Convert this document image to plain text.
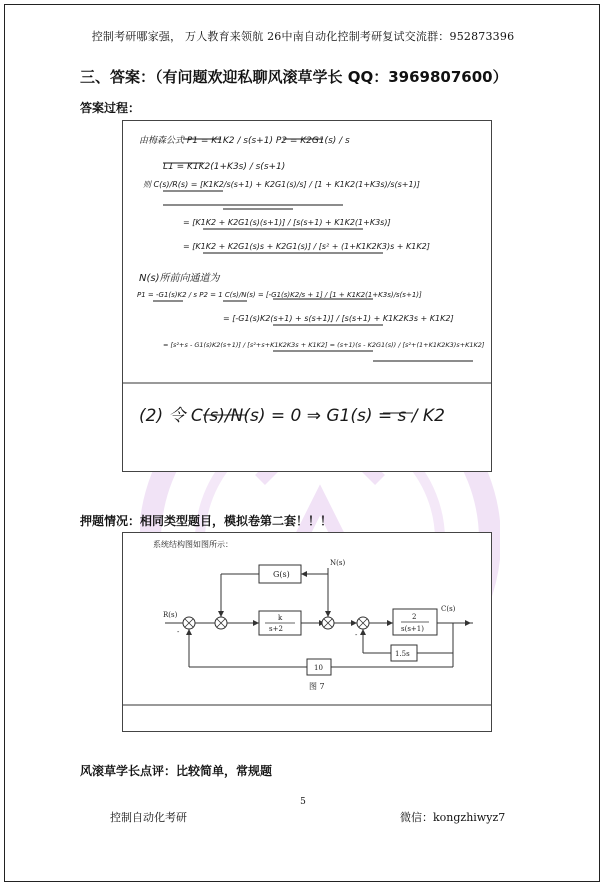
控制考研哪家强， 万人教育来领航 26中南自动化控制考研复试交流群：952873396
三、答案：（有问题欢迎私聊风滚草学长 QQ：3969807600）
答案过程：
由梅森公式 P1 = K1K2 / s(s+1) P2 = K2G1(s) / s
L1 = K1K2(1+K3s) / s(s+1)
则 C(s)/R(s) = [K1K2/s(s+1) + K2G1(s)/s] / [1 + K1K2(1+K3s)/s(s+1)]
= [K1K2 + K2G1(s)(s+1)] / [s(s+1) + K1K2(1+K3s)]
= [K1K2 + K2G1(s)s + K2G1(s)] / [s² + (1+K1K2K3)s + K1K2]
N(s)所前向通道为
P1 = -G1(s)K2 / s P2 = 1 C(s)/N(s) = [-G1(s)K2/s + 1] / [1 + K1K2(1+K3s)/s(s+1)]
= [-G1(s)K2(s+1) + s(s+1)] / [s(s+1) + K1K2K3s + K1K2]
= [s²+s - G1(s)K2(s+1)] / [s²+s+K1K2K3s + K1K2] = (s+1)(s - K2G1(s)) / [s²+(1+K1K2K3)s+K1K2]
(2) 令 C(s)/N(s) = 0 ⇒ G1(s) = s / K2
押题情况：相同类型题目，模拟卷第二套！！！
系统结构图如图所示：
G(s)
k
s+2
2
s(s+1)
1.5s
10
R(s)
C(s)
N(s)
-	-
图 7
风滚草学长点评：比较简单，常规题
5
控制自动化考研	微信：kongzhiwyz7
